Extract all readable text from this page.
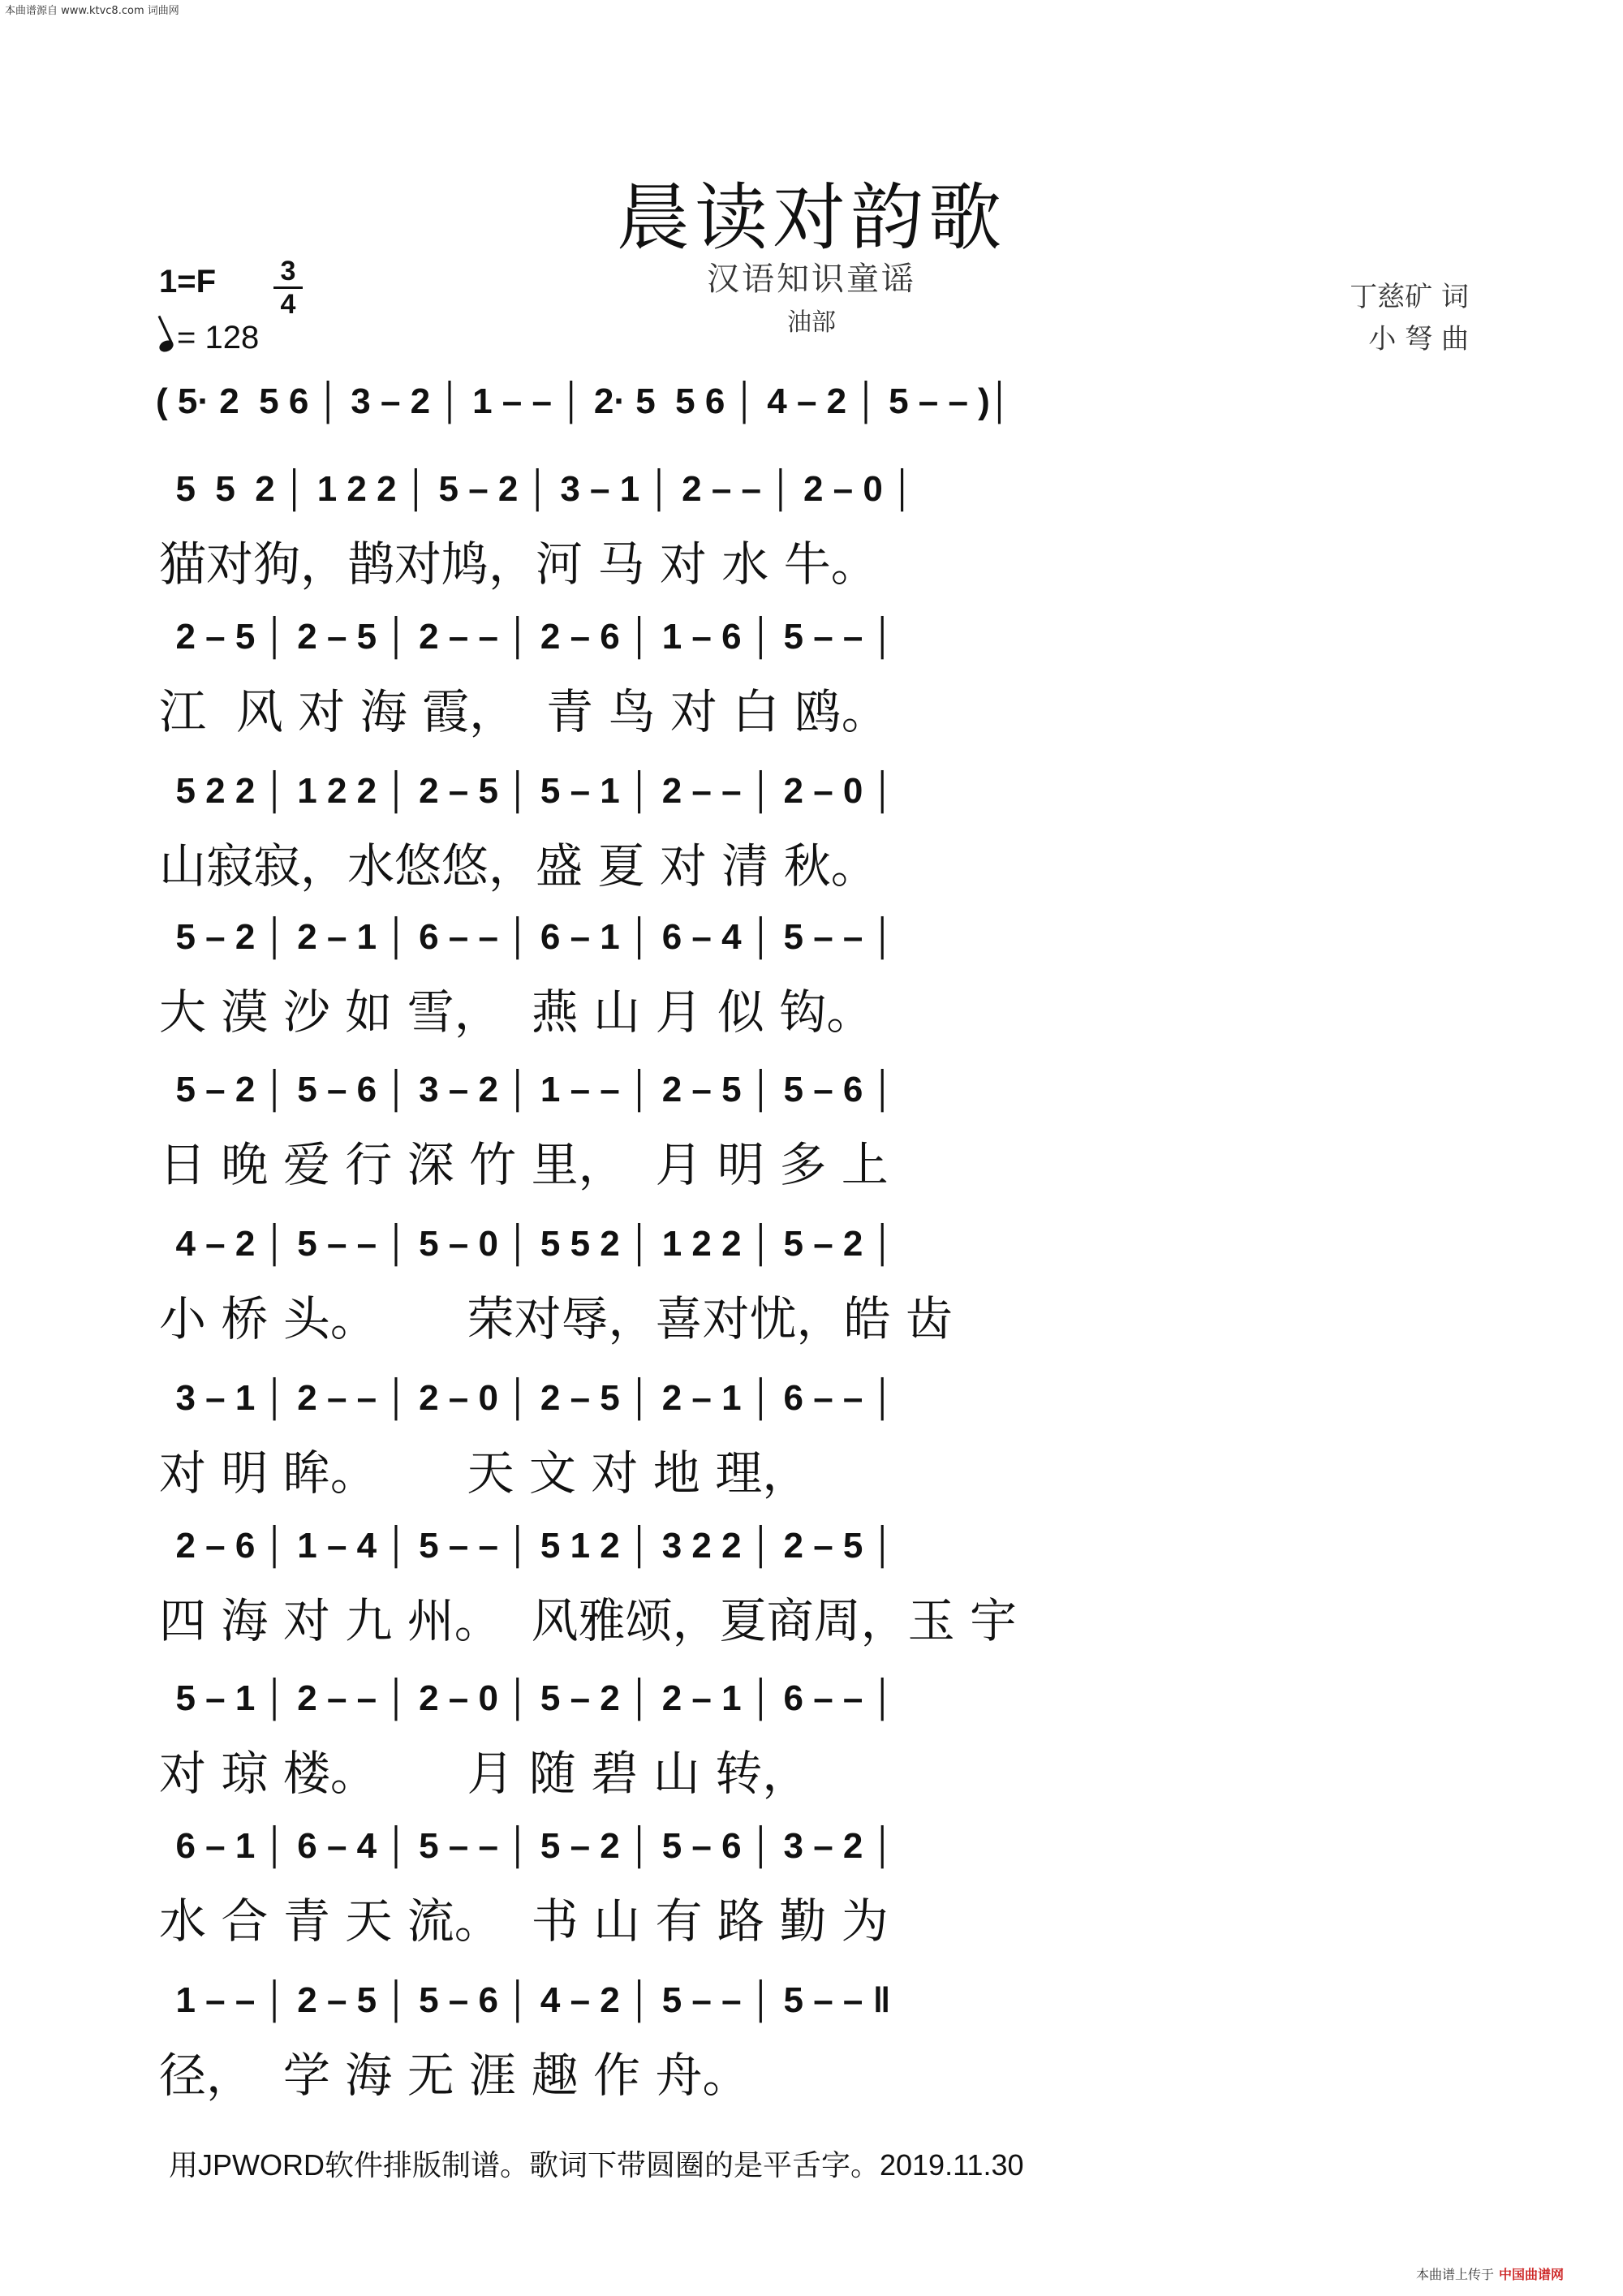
本曲谱源自 www.ktvc8.com 词曲网
晨读对韵歌
汉语知识童谣
油部
丁慈矿 词
小 弩 曲
1=F	3
4
= 128
( 5· 2  5 6 │ 3 – 2 │ 1 – – │ 2· 5  5 6 │ 4 – 2 │ 5 – – )│
5  5  2 │ 1 2 2 │ 5 – 2 │ 3 – 1 │ 2 – – │ 2 – 0 │
猫对狗，鹊对鸠，河 马 对 水 牛。
2 – 5 │ 2 – 5 │ 2 – – │ 2 – 6 │ 1 – 6 │ 5 – – │
江  风 对 海 霞，  青 鸟 对 白 鸥。
5 2 2 │ 1 2 2 │ 2 – 5 │ 5 – 1 │ 2 – – │ 2 – 0 │
山寂寂，水悠悠，盛 夏 对 清 秋。
5 – 2 │ 2 – 1 │ 6 – – │ 6 – 1 │ 6 – 4 │ 5 – – │
大 漠 沙 如 雪，  燕 山 月 似 钩。
5 – 2 │ 5 – 6 │ 3 – 2 │ 1 – – │ 2 – 5 │ 5 – 6 │
日 晚 爱 行 深 竹 里，  月 明 多 上
4 – 2 │ 5 – – │ 5 – 0 │ 5 5 2 │ 1 2 2 │ 5 – 2 │
小 桥 头。      荣对辱，喜对忧，皓 齿
3 – 1 │ 2 – – │ 2 – 0 │ 2 – 5 │ 2 – 1 │ 6 – – │
对 明 眸。      天 文 对 地 理，
2 – 6 │ 1 – 4 │ 5 – – │ 5 1 2 │ 3 2 2 │ 2 – 5 │
四 海 对 九 州。  风雅颂，夏商周，玉 宇
5 – 1 │ 2 – – │ 2 – 0 │ 5 – 2 │ 2 – 1 │ 6 – – │
对 琼 楼。      月 随 碧 山 转，
6 – 1 │ 6 – 4 │ 5 – – │ 5 – 2 │ 5 – 6 │ 3 – 2 │
水 合 青 天 流。  书 山 有 路 勤 为
1 – – │ 2 – 5 │ 5 – 6 │ 4 – 2 │ 5 – – │ 5 – – ‖
径，  学 海 无 涯 趣 作 舟。
用JPWORD软件排版制谱。歌词下带圆圈的是平舌字。2019.11.30
本曲谱上传于 中国曲谱网
